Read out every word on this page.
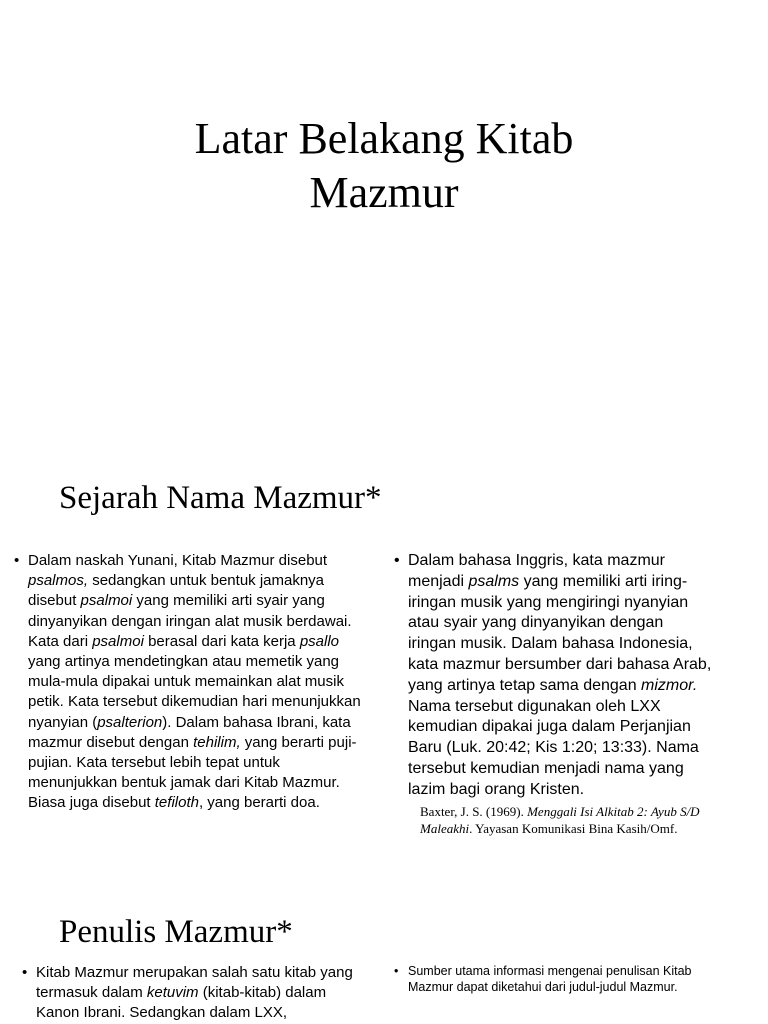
Latar Belakang Kitab
Mazmur
Sejarah Nama Mazmur*
• Dalam naskah Yunani, Kitab Mazmur disebut psalmos, sedangkan untuk bentuk jamaknya disebut psalmoi yang memiliki arti syair yang dinyanyikan dengan iringan alat musik berdawai. Kata dari psalmoi berasal dari kata kerja psallo yang artinya mendetingkan atau memetik yang mula-mula dipakai untuk memainkan alat musik petik. Kata tersebut dikemudian hari menunjukkan nyanyian (psalterion). Dalam bahasa Ibrani, kata mazmur disebut dengan tehilim, yang berarti puji-pujian. Kata tersebut lebih tepat untuk menunjukkan bentuk jamak dari Kitab Mazmur. Biasa juga disebut tefiloth, yang berarti doa.
• Dalam bahasa Inggris, kata mazmur menjadi psalms yang memiliki arti iring-iringan musik yang mengiringi nyanyian atau syair yang dinyanyikan dengan iringan musik. Dalam bahasa Indonesia, kata mazmur bersumber dari bahasa Arab, yang artinya tetap sama dengan mizmor. Nama tersebut digunakan oleh LXX kemudian dipakai juga dalam Perjanjian Baru (Luk. 20:42; Kis 1:20; 13:33). Nama tersebut kemudian menjadi nama yang lazim bagi orang Kristen.

Baxter, J. S. (1969). Menggali Isi Alkitab 2: Ayub S/D Maleakhi. Yayasan Komunikasi Bina Kasih/Omf.

Penulis Mazmur*
• Kitab Mazmur merupakan salah satu kitab yang termasuk dalam ketuvim (kitab-kitab) dalam Kanon Ibrani. Sedangkan dalam LXX,
• Sumber utama informasi mengenai penulisan Kitab Mazmur dapat diketahui dari judul-judul Mazmur.
